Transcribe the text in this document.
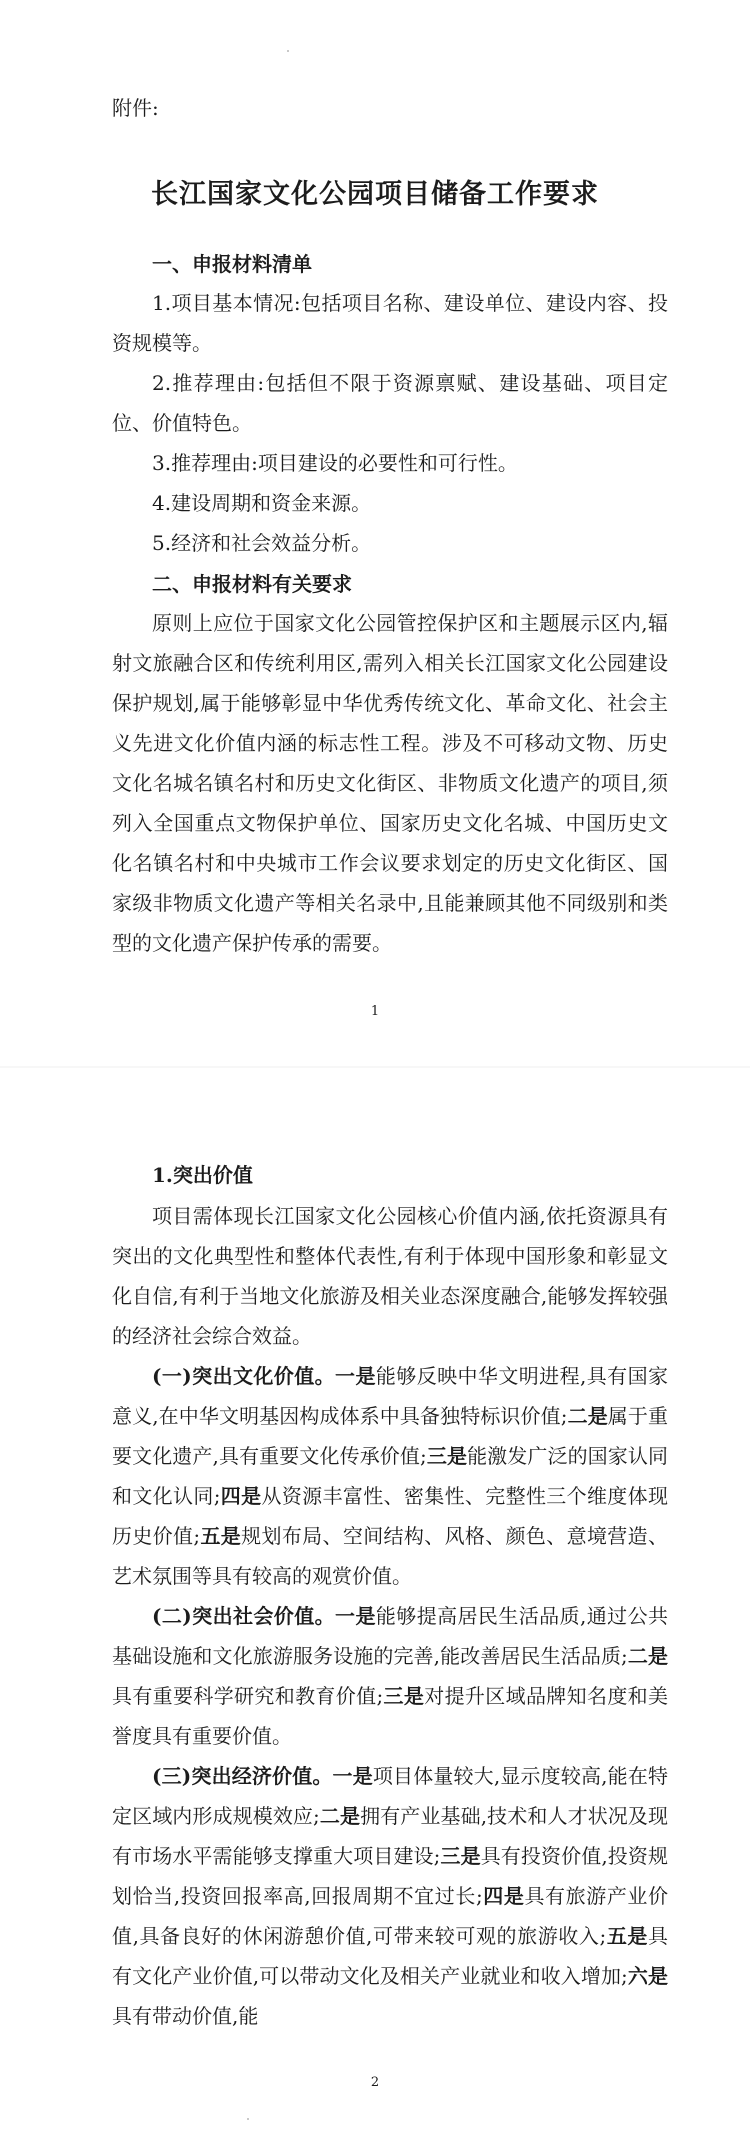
附件:
长江国家文化公园项目储备工作要求
一、申报材料清单

1.项目基本情况:包括项目名称、建设单位、建设内容、投资规模等。

2.推荐理由:包括但不限于资源禀赋、建设基础、项目定位、价值特色。

3.推荐理由:项目建设的必要性和可行性。

4.建设周期和资金来源。

5.经济和社会效益分析。

二、申报材料有关要求

原则上应位于国家文化公园管控保护区和主题展示区内,辐射文旅融合区和传统利用区,需列入相关长江国家文化公园建设保护规划,属于能够彰显中华优秀传统文化、革命文化、社会主义先进文化价值内涵的标志性工程。涉及不可移动文物、历史文化名城名镇名村和历史文化街区、非物质文化遗产的项目,须列入全国重点文物保护单位、国家历史文化名城、中国历史文化名镇名村和中央城市工作会议要求划定的历史文化街区、国家级非物质文化遗产等相关名录中,且能兼顾其他不同级别和类型的文化遗产保护传承的需要。

1
1.突出价值

项目需体现长江国家文化公园核心价值内涵,依托资源具有突出的文化典型性和整体代表性,有利于体现中国形象和彰显文化自信,有利于当地文化旅游及相关业态深度融合,能够发挥较强的经济社会综合效益。

(一)突出文化价值。一是能够反映中华文明进程,具有国家意义,在中华文明基因构成体系中具备独特标识价值;二是属于重要文化遗产,具有重要文化传承价值;三是能激发广泛的国家认同和文化认同;四是从资源丰富性、密集性、完整性三个维度体现历史价值;五是规划布局、空间结构、风格、颜色、意境营造、艺术氛围等具有较高的观赏价值。

(二)突出社会价值。一是能够提高居民生活品质,通过公共基础设施和文化旅游服务设施的完善,能改善居民生活品质;二是具有重要科学研究和教育价值;三是对提升区域品牌知名度和美誉度具有重要价值。

(三)突出经济价值。一是项目体量较大,显示度较高,能在特定区域内形成规模效应;二是拥有产业基础,技术和人才状况及现有市场水平需能够支撑重大项目建设;三是具有投资价值,投资规划恰当,投资回报率高,回报周期不宜过长;四是具有旅游产业价值,具备良好的休闲游憩价值,可带来较可观的旅游收入;五是具有文化产业价值,可以带动文化及相关产业就业和收入增加;六是具有带动价值,能

2
